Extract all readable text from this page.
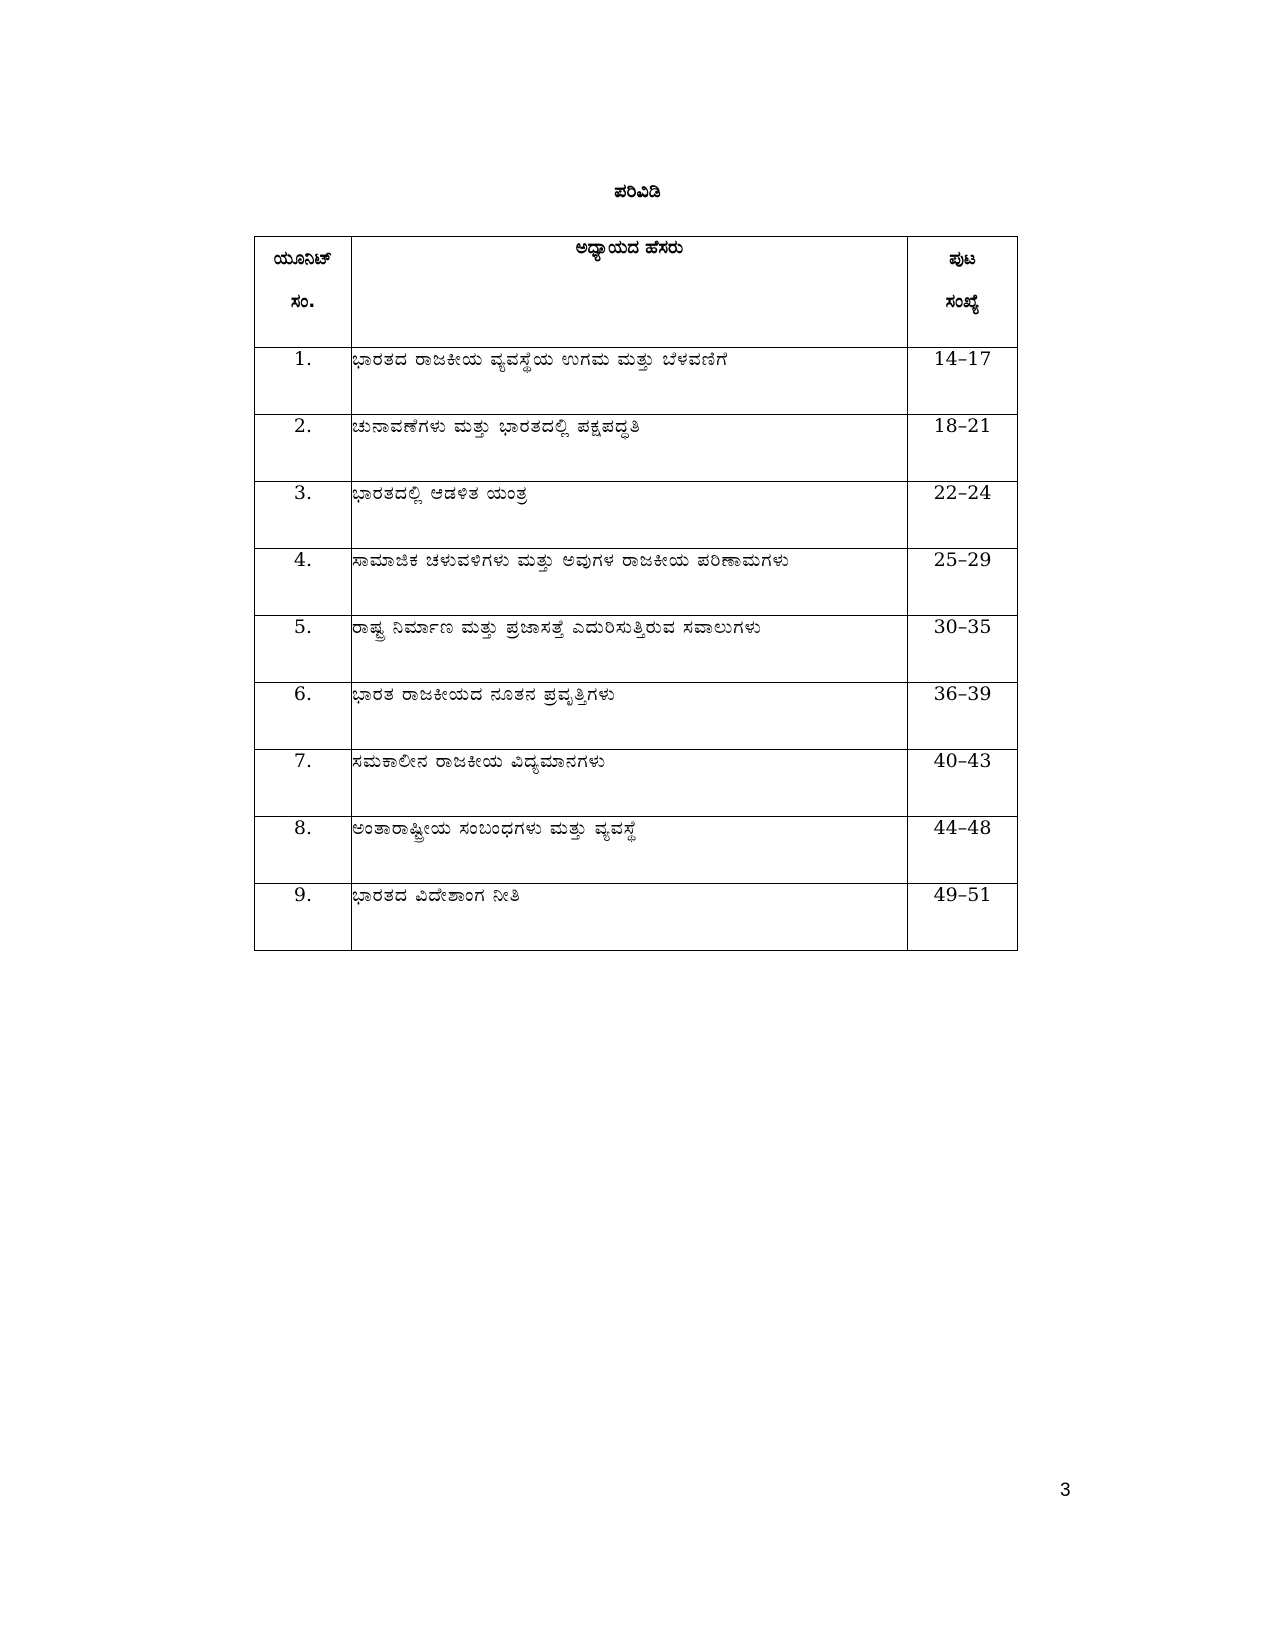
ಪರಿವಿಡಿ
ಯೂನಿಟ್
ಸಂ.	ಅಧ್ಯಾಯದ ಹೆಸರು	ಪುಟ
ಸಂಖ್ಯೆ

1.	ಭಾರತದ ರಾಜಕೀಯ ವ್ಯವಸ್ಥೆಯ ಉಗಮ ಮತ್ತು ಬೆಳವಣಿಗೆ	14–17
2.	ಚುನಾವಣೆಗಳು ಮತ್ತು ಭಾರತದಲ್ಲಿ ಪಕ್ಷಪದ್ಧತಿ	18–21
3.	ಭಾರತದಲ್ಲಿ ಆಡಳಿತ ಯಂತ್ರ	22–24
4.	ಸಾಮಾಜಿಕ ಚಳುವಳಿಗಳು ಮತ್ತು ಅವುಗಳ ರಾಜಕೀಯ ಪರಿಣಾಮಗಳು	25–29
5.	ರಾಷ್ಟ್ರ ನಿರ್ಮಾಣ ಮತ್ತು ಪ್ರಜಾಸತ್ತೆ ಎದುರಿಸುತ್ತಿರುವ ಸವಾಲುಗಳು	30–35
6.	ಭಾರತ ರಾಜಕೀಯದ ನೂತನ ಪ್ರವೃತ್ತಿಗಳು	36–39
7.	ಸಮಕಾಲೀನ ರಾಜಕೀಯ ವಿದ್ಯಮಾನಗಳು	40–43
8.	ಅಂತಾರಾಷ್ಟ್ರೀಯ ಸಂಬಂಧಗಳು ಮತ್ತು ವ್ಯವಸ್ಥೆ	44–48
9.	ಭಾರತದ ವಿದೇಶಾಂಗ ನೀತಿ	49–51
3
